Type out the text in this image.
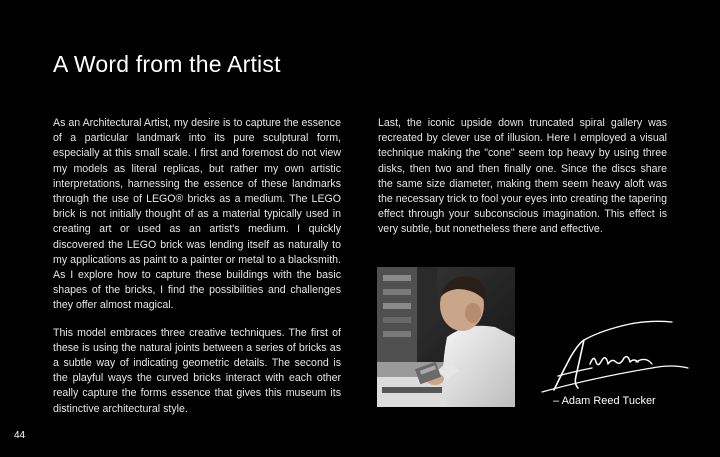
A Word from the Artist

As an Architectural Artist, my desire is to capture the essence of a particular landmark into its pure sculptural form, especially at this small scale. I first and foremost do not view my models as literal replicas, but rather my own artistic interpretations, harnessing the essence of these landmarks through the use of LEGO® bricks as a medium. The LEGO brick is not initially thought of as a material typically used in creating art or used as an artist's medium. I quickly discovered the LEGO brick was lending itself as naturally to my applications as paint to a painter or metal to a blacksmith. As I explore how to capture these buildings with the basic shapes of the bricks, I find the possibilities and challenges they offer almost magical.

This model embraces three creative techniques. The first of these is using the natural joints between a series of bricks as a subtle way of indicating geometric details. The second is the playful ways the curved bricks interact with each other really capture the forms essence that gives this museum its distinctive architectural style.

Last, the iconic upside down truncated spiral gallery was recreated by clever use of illusion. Here I employed a visual technique making the "cone" seem top heavy by using three disks, then two and then finally one. Since the discs share the same size diameter, making them seem heavy aloft was the necessary trick to fool your eyes into creating the tapering effect through your subconscious imagination. This effect is very subtle, but nonetheless there and effective.

– Adam Reed Tucker
44
